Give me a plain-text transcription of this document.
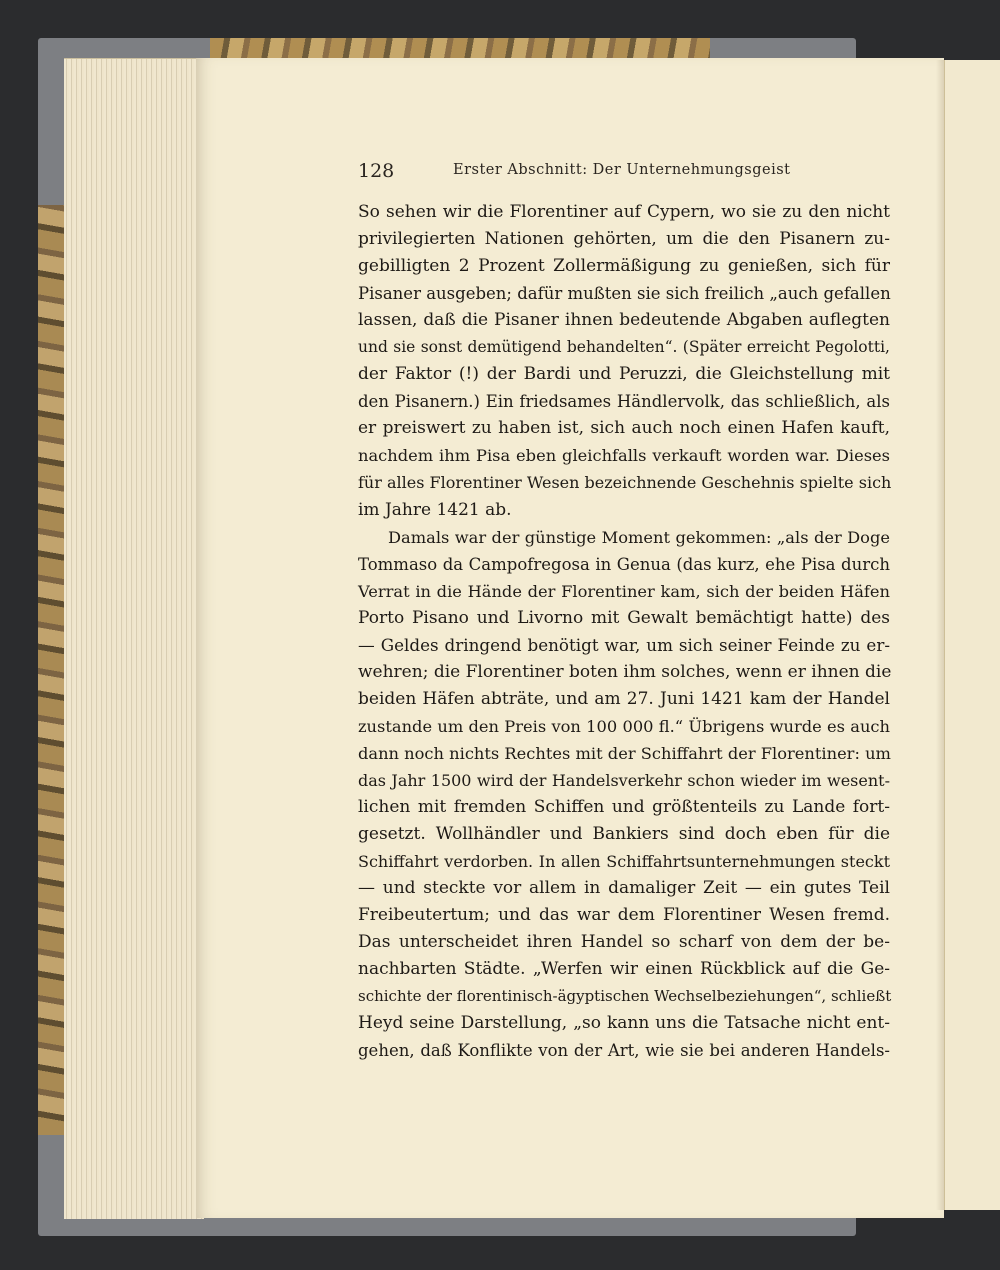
128	Erster Abschnitt: Der Unternehmungsgeist
So sehen wir die Florentiner auf Cypern, wo sie zu den nicht
privilegierten Nationen gehörten, um die den Pisanern zu-
gebilligten 2 Prozent Zollermäßigung zu genießen, sich für
Pisaner ausgeben; dafür mußten sie sich freilich „auch gefallen
lassen, daß die Pisaner ihnen bedeutende Abgaben auflegten
und sie sonst demütigend behandelten“. (Später erreicht Pegolotti,
der Faktor (!) der Bardi und Peruzzi, die Gleichstellung mit
den Pisanern.) Ein friedsames Händlervolk, das schließlich, als
er preiswert zu haben ist, sich auch noch einen Hafen kauft,
nachdem ihm Pisa eben gleichfalls verkauft worden war. Dieses
für alles Florentiner Wesen bezeichnende Geschehnis spielte sich
im Jahre 1421 ab.
Damals war der günstige Moment gekommen: „als der Doge
Tommaso da Campofregosa in Genua (das kurz, ehe Pisa durch
Verrat in die Hände der Florentiner kam, sich der beiden Häfen
Porto Pisano und Livorno mit Gewalt bemächtigt hatte) des
— Geldes dringend benötigt war, um sich seiner Feinde zu er-
wehren; die Florentiner boten ihm solches, wenn er ihnen die
beiden Häfen abträte, und am 27. Juni 1421 kam der Handel
zustande um den Preis von 100 000 fl.“ Übrigens wurde es auch
dann noch nichts Rechtes mit der Schiffahrt der Florentiner: um
das Jahr 1500 wird der Handelsverkehr schon wieder im wesent-
lichen mit fremden Schiffen und größtenteils zu Lande fort-
gesetzt. Wollhändler und Bankiers sind doch eben für die
Schiffahrt verdorben. In allen Schiffahrtsunternehmungen steckt
— und steckte vor allem in damaliger Zeit — ein gutes Teil
Freibeutertum; und das war dem Florentiner Wesen fremd.
Das unterscheidet ihren Handel so scharf von dem der be-
nachbarten Städte. „Werfen wir einen Rückblick auf die Ge-
schichte der florentinisch-ägyptischen Wechselbeziehungen“, schließt
Heyd seine Darstellung, „so kann uns die Tatsache nicht ent-
gehen, daß Konflikte von der Art, wie sie bei anderen Handels-
